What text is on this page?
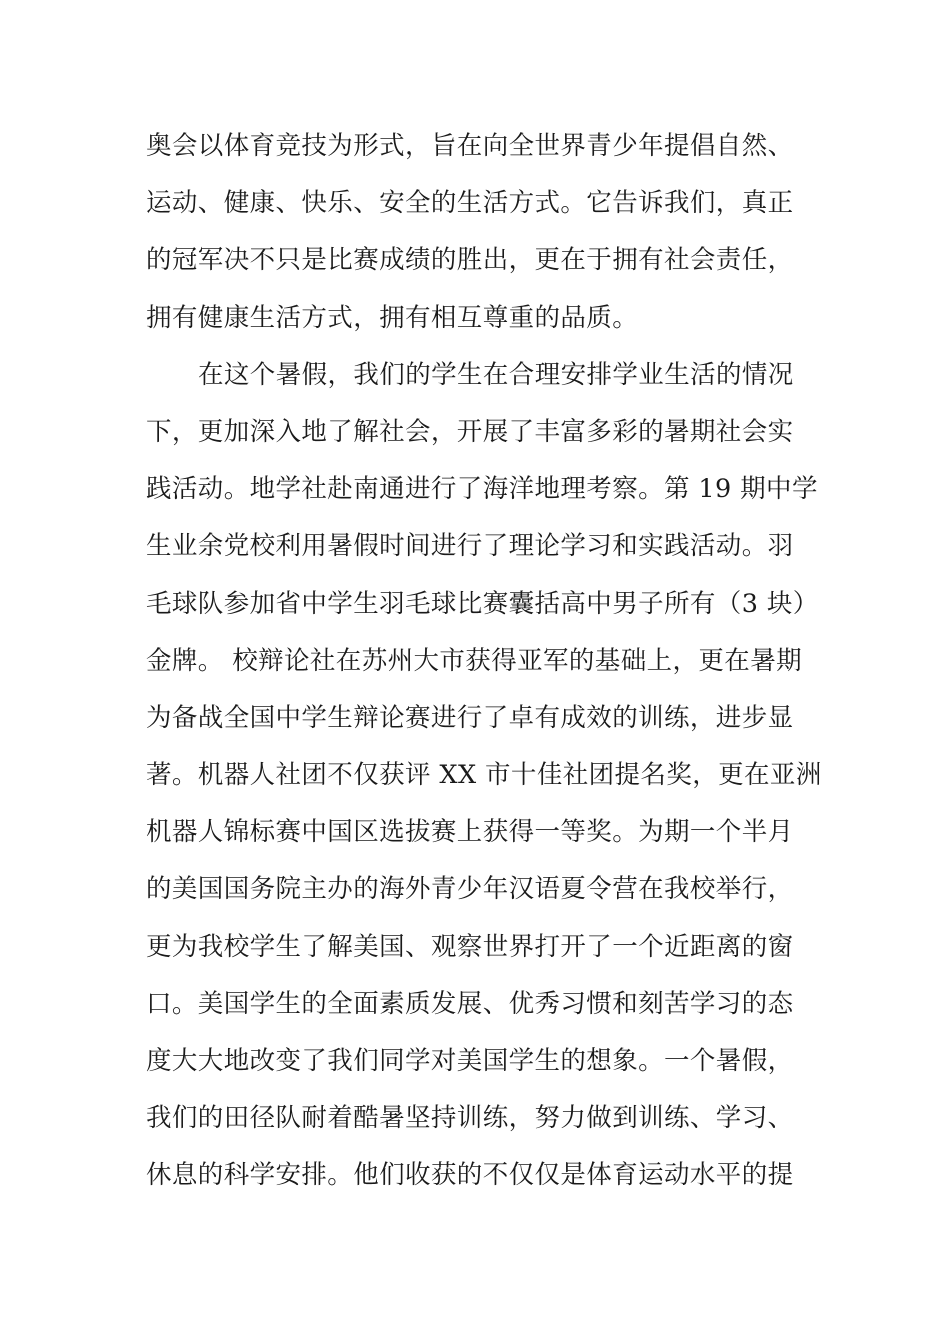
奥会以体育竞技为形式，旨在向全世界青少年提倡自然、
运动、健康、快乐、安全的生活方式。它告诉我们，真正
的冠军决不只是比赛成绩的胜出，更在于拥有社会责任，
拥有健康生活方式，拥有相互尊重的品质。
在这个暑假，我们的学生在合理安排学业生活的情况
下，更加深入地了解社会，开展了丰富多彩的暑期社会实
践活动。地学社赴南通进行了海洋地理考察。第 19 期中学
生业余党校利用暑假时间进行了理论学习和实践活动。羽
毛球队参加省中学生羽毛球比赛囊括高中男子所有（3 块）
金牌。 校辩论社在苏州大市获得亚军的基础上，更在暑期
为备战全国中学生辩论赛进行了卓有成效的训练，进步显
著。机器人社团不仅获评 XX 市十佳社团提名奖，更在亚洲
机器人锦标赛中国区选拔赛上获得一等奖。为期一个半月
的美国国务院主办的海外青少年汉语夏令营在我校举行，
更为我校学生了解美国、观察世界打开了一个近距离的窗
口。美国学生的全面素质发展、优秀习惯和刻苦学习的态
度大大地改变了我们同学对美国学生的想象。一个暑假，
我们的田径队耐着酷暑坚持训练，努力做到训练、学习、
休息的科学安排。他们收获的不仅仅是体育运动水平的提
